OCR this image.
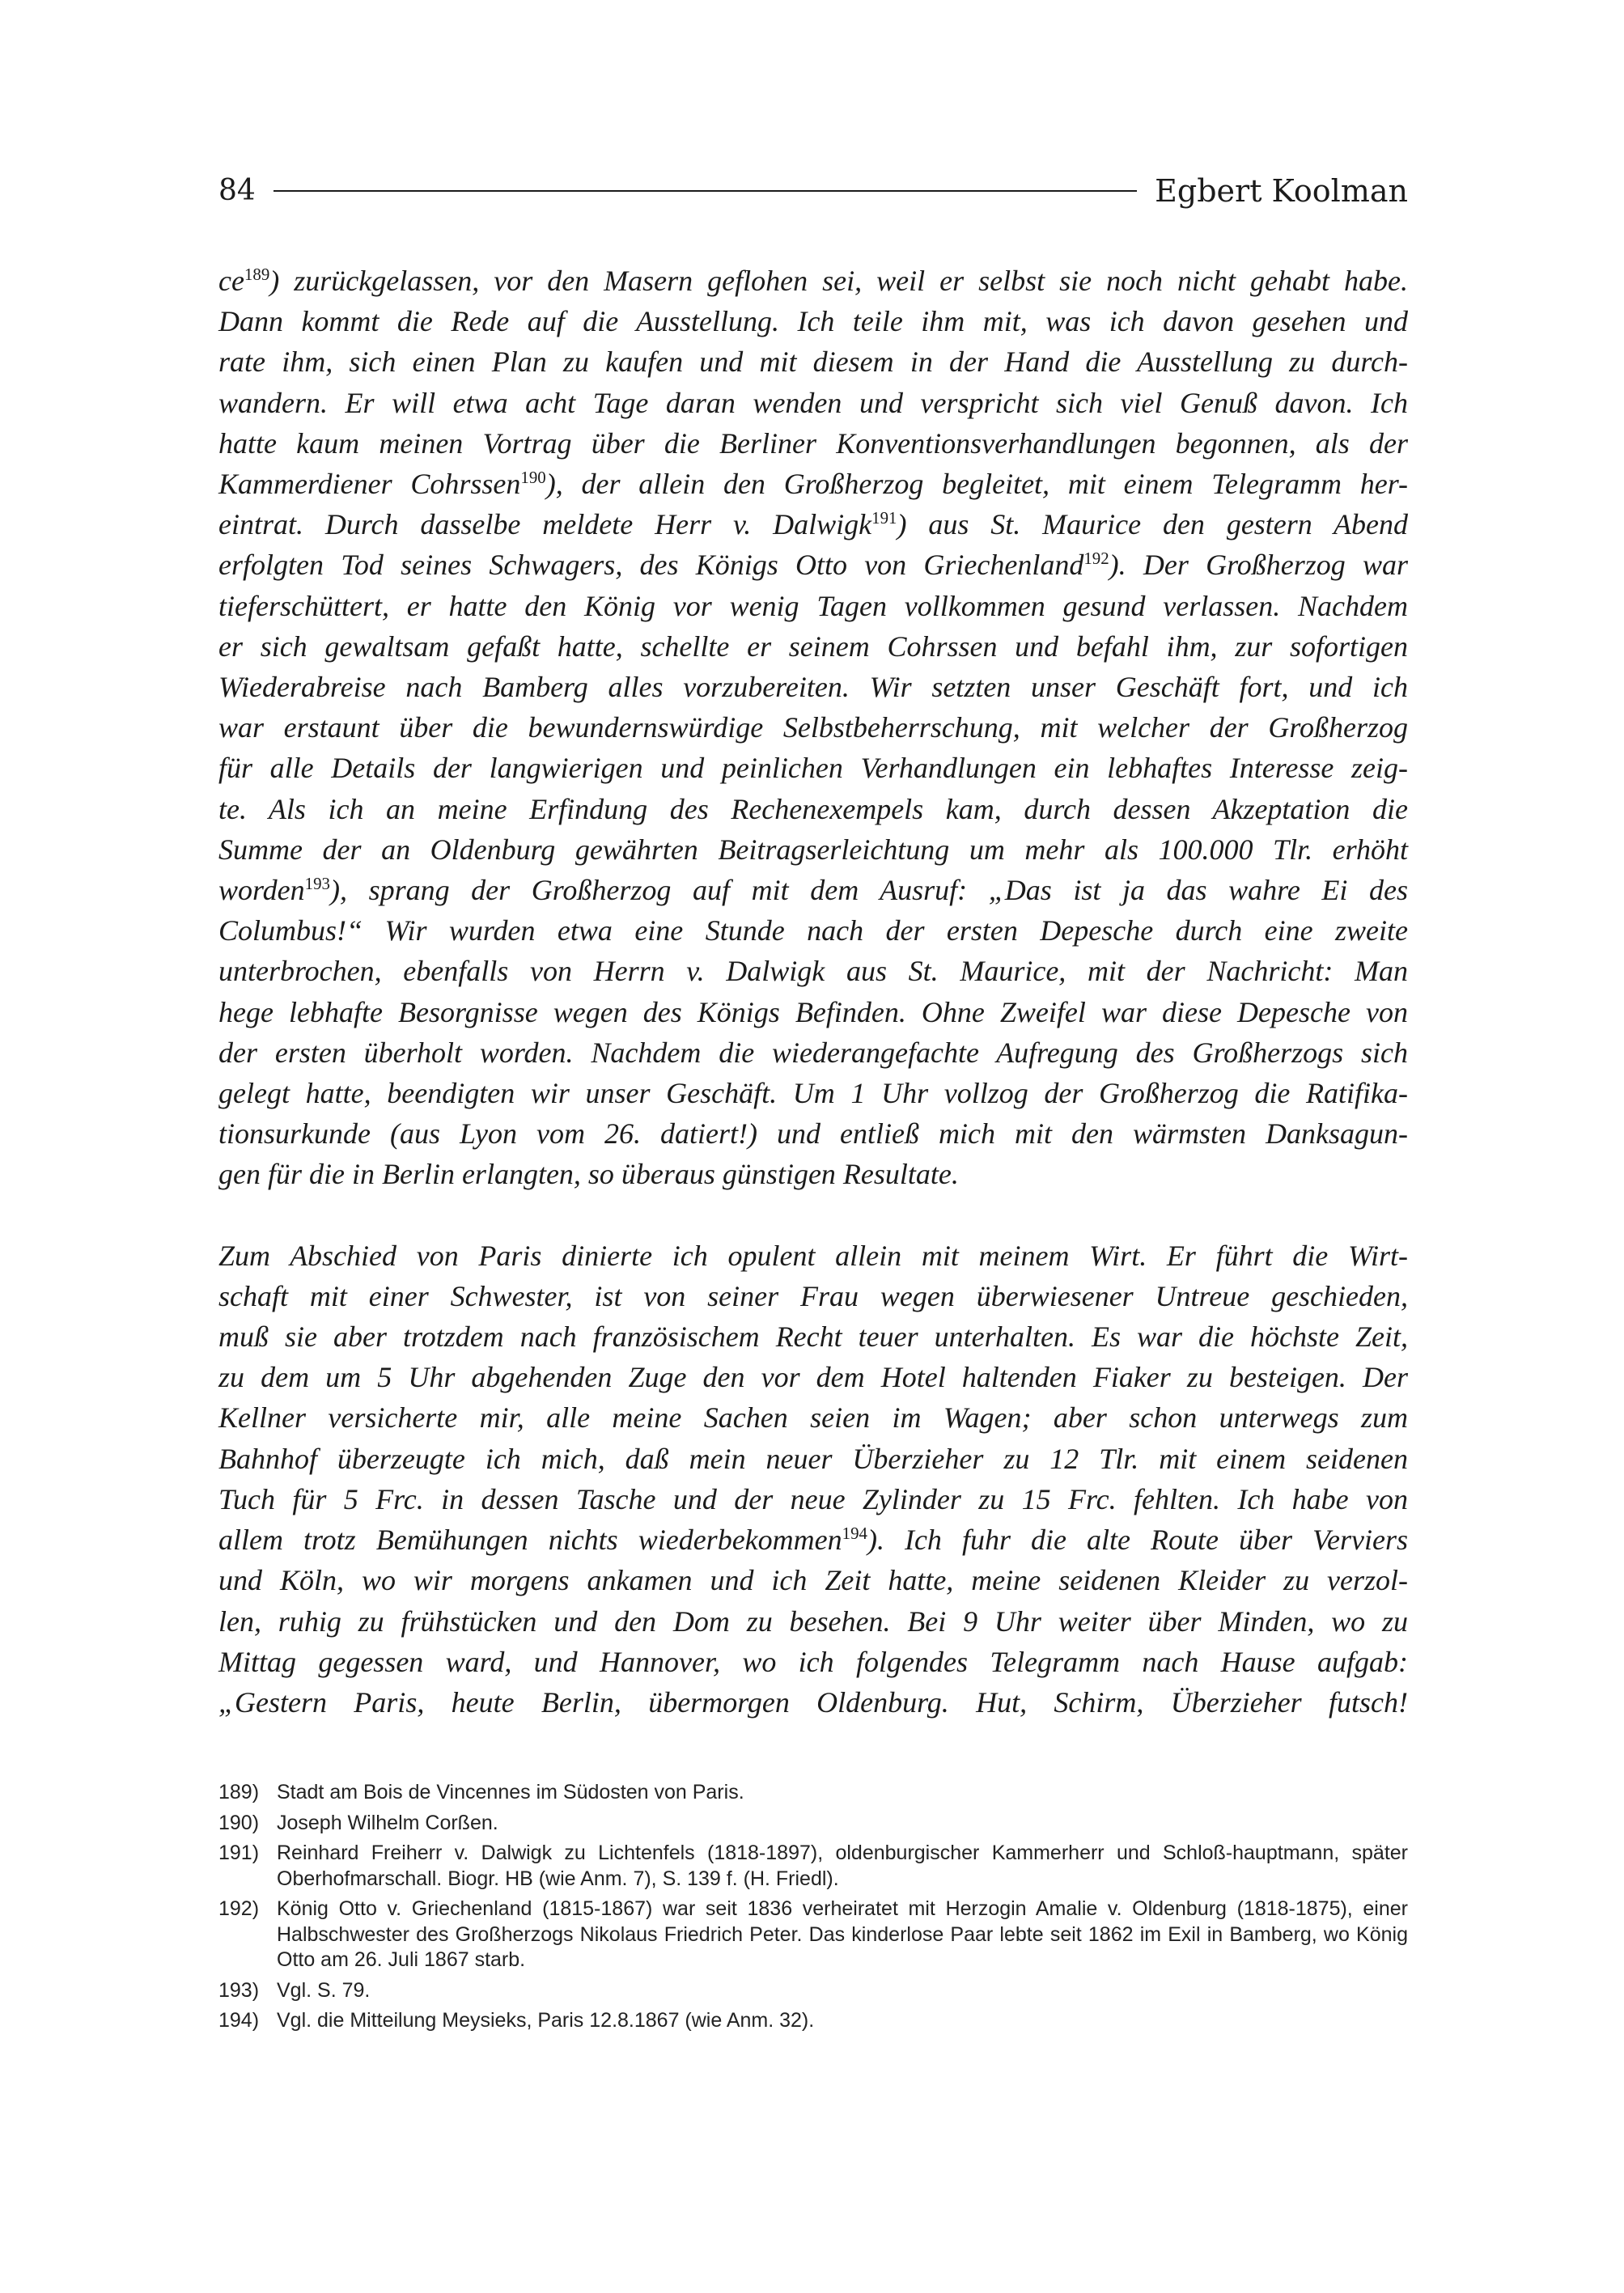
84	Egbert Koolman

$ce^{189}$) zurückgelassen, vor den Masern geflohen sei, weil er selbst sie noch nicht gehabt habe.
Dann kommt die Rede auf die Ausstellung. Ich teile ihm mit, was ich davon gesehen und
rate ihm, sich einen Plan zu kaufen und mit diesem in der Hand die Ausstellung zu durch-
wandern. Er will etwa acht Tage daran wenden und verspricht sich viel Genuß davon. Ich
hatte kaum meinen Vortrag über die Berliner Konventionsverhandlungen begonnen, als der
Kammerdiener Cohrssen$^{190}$), der allein den Großherzog begleitet, mit einem Telegramm her-
eintrat. Durch dasselbe meldete Herr v. Dalwigk$^{191}$) aus St. Maurice den gestern Abend
erfolgten Tod seines Schwagers, des Königs Otto von Griechenland$^{192}$). Der Großherzog war
tieferschüttert, er hatte den König vor wenig Tagen vollkommen gesund verlassen. Nachdem
er sich gewaltsam gefaßt hatte, schellte er seinem Cohrssen und befahl ihm, zur sofortigen
Wiederabreise nach Bamberg alles vorzubereiten. Wir setzten unser Geschäft fort, und ich
war erstaunt über die bewundernswürdige Selbstbeherrschung, mit welcher der Großherzog
für alle Details der langwierigen und peinlichen Verhandlungen ein lebhaftes Interesse zeig-
te. Als ich an meine Erfindung des Rechenexempels kam, durch dessen Akzeptation die
Summe der an Oldenburg gewährten Beitragserleichtung um mehr als 100.000 Tlr. erhöht
worden$^{193}$), sprang der Großherzog auf mit dem Ausruf: „Das ist ja das wahre Ei des
Columbus!“ Wir wurden etwa eine Stunde nach der ersten Depesche durch eine zweite
unterbrochen, ebenfalls von Herrn v. Dalwigk aus St. Maurice, mit der Nachricht: Man
hege lebhafte Besorgnisse wegen des Königs Befinden. Ohne Zweifel war diese Depesche von
der ersten überholt worden. Nachdem die wiederangefachte Aufregung des Großherzogs sich
gelegt hatte, beendigten wir unser Geschäft. Um 1 Uhr vollzog der Großherzog die Ratifika-
tionsurkunde (aus Lyon vom 26. datiert!) und entließ mich mit den wärmsten Danksagun-
gen für die in Berlin erlangten, so überaus günstigen Resultate.

Zum Abschied von Paris dinierte ich opulent allein mit meinem Wirt. Er führt die Wirt-
schaft mit einer Schwester, ist von seiner Frau wegen überwiesener Untreue geschieden,
muß sie aber trotzdem nach französischem Recht teuer unterhalten. Es war die höchste Zeit,
zu dem um 5 Uhr abgehenden Zuge den vor dem Hotel haltenden Fiaker zu besteigen. Der
Kellner versicherte mir, alle meine Sachen seien im Wagen; aber schon unterwegs zum
Bahnhof überzeugte ich mich, daß mein neuer Überzieher zu 12 Tlr. mit einem seidenen
Tuch für 5 Frc. in dessen Tasche und der neue Zylinder zu 15 Frc. fehlten. Ich habe von
allem trotz Bemühungen nichts wiederbekommen$^{194}$). Ich fuhr die alte Route über Verviers
und Köln, wo wir morgens ankamen und ich Zeit hatte, meine seidenen Kleider zu verzol-
len, ruhig zu frühstücken und den Dom zu besehen. Bei 9 Uhr weiter über Minden, wo zu
Mittag gegessen ward, und Hannover, wo ich folgendes Telegramm nach Hause aufgab:
„Gestern Paris, heute Berlin, übermorgen Oldenburg. Hut, Schirm, Überzieher futsch!

189) Stadt am Bois de Vincennes im Südosten von Paris.
190) Joseph Wilhelm Corßen.
191) Reinhard Freiherr v. Dalwigk zu Lichtenfels (1818-1897), oldenburgischer Kammerherr und Schloß-hauptmann, später Oberhofmarschall. Biogr. HB (wie Anm. 7), S. 139 f. (H. Friedl).
192) König Otto v. Griechenland (1815-1867) war seit 1836 verheiratet mit Herzogin Amalie v. Oldenburg (1818-1875), einer Halbschwester des Großherzogs Nikolaus Friedrich Peter. Das kinderlose Paar lebte seit 1862 im Exil in Bamberg, wo König Otto am 26. Juli 1867 starb.
193) Vgl. S. 79.
194) Vgl. die Mitteilung Meysieks, Paris 12.8.1867 (wie Anm. 32).
